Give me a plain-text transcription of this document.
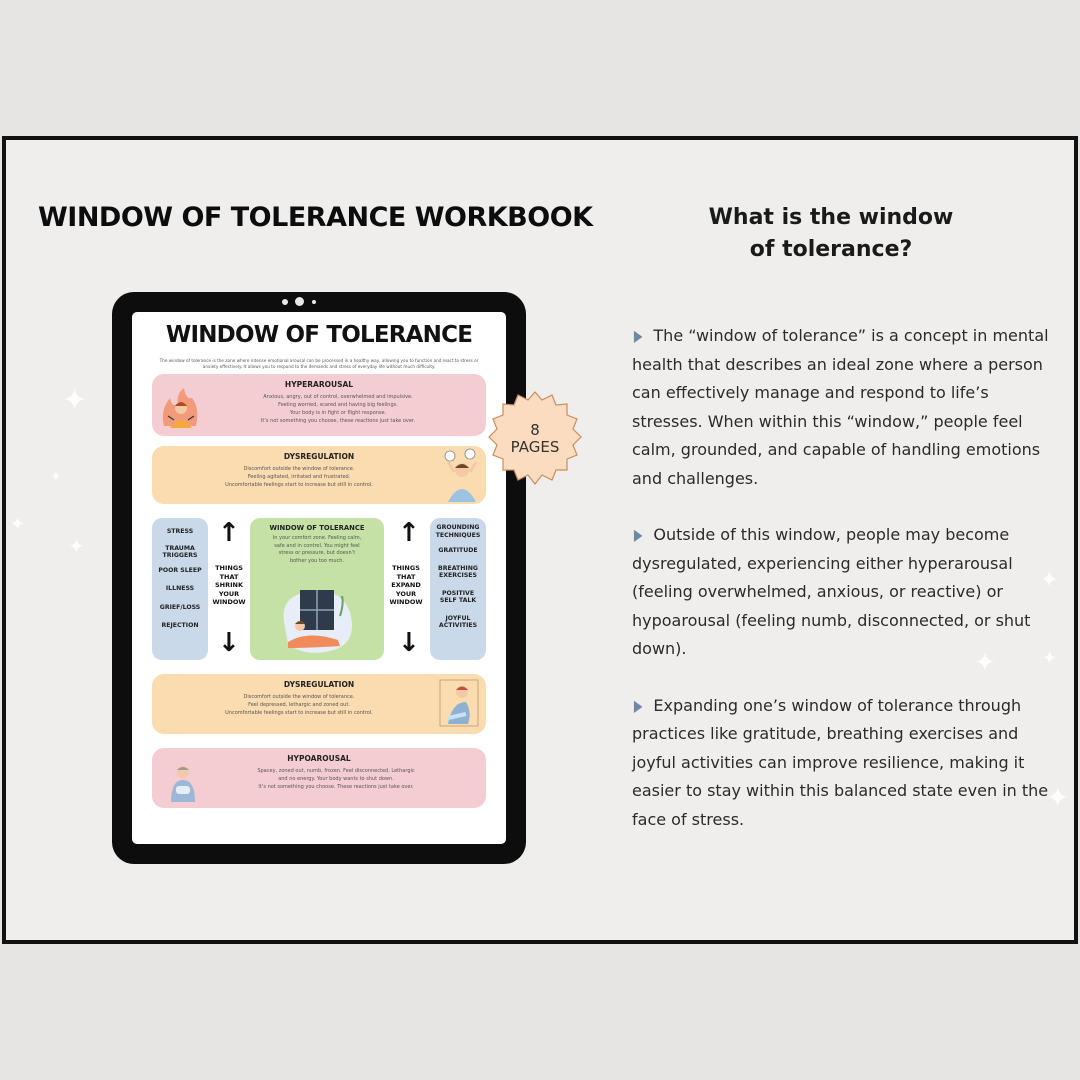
✦
✦
✦
✦
✦
✦	✦
✦
WINDOW OF TOLERANCE WORKBOOK	What is the window
of tolerance?

▶ The “window of tolerance” is a concept in mental health that describes an ideal zone where a person can effectively manage and respond to life’s stresses. When within this “window,” people feel calm, grounded, and capable of handling emotions and challenges.

▶ Outside of this window, people may become dysregulated, experiencing either hyperarousal (feeling overwhelmed, anxious, or reactive) or hypoarousal (feeling numb, disconnected, or shut down).

▶ Expanding one’s window of tolerance through practices like gratitude, breathing exercises and joyful activities can improve resilience, making it easier to stay within this balanced state even in the face of stress.

WINDOW OF TOLERANCE
The window of tolerance is the zone where intense emotional arousal can be processed in a healthy way, allowing you to function and react to stress or anxiety effectively. It allows you to respond to the demands and stress of everyday life without much difficulty.
HYPERAROUSAL
Anxious, angry, out of control, overwhelmed and impulsive.
Feeling worried, scared and having big feelings.
Your body is in fight or flight response.
It’s not something you choose, these reactions just take over.
DYSREGULATION
Discomfort outside the window of tolerance.
Feeling agitated, irritated and frustrated.
Uncomfortable feelings start to increase but still in control.
STRESS
TRAUMA TRIGGERS
POOR SLEEP
ILLNESS
GRIEF/LOSS
REJECTION
↑
THINGS
THAT
SHRINK
YOUR
WINDOW
↓
WINDOW OF TOLERANCE
In your comfort zone. Feeling calm,
safe and in control. You might feel
stress or pressure, but doesn’t
bother you too much.
↑
THINGS
THAT
EXPAND
YOUR
WINDOW
↓
GROUNDING TECHNIQUES
GRATITUDE
BREATHING EXERCISES
POSITIVE SELF TALK
JOYFUL ACTIVITIES
DYSREGULATION
Discomfort outside the window of tolerance.
Feel depressed, lethargic and zoned out.
Uncomfortable feelings start to increase but still in control.
HYPOAROUSAL
Spacey, zoned out, numb, frozen. Feel disconnected. Lethargic
and no energy. Your body wants to shut down.
It’s not something you choose. These reactions just take over.
8
PAGES
